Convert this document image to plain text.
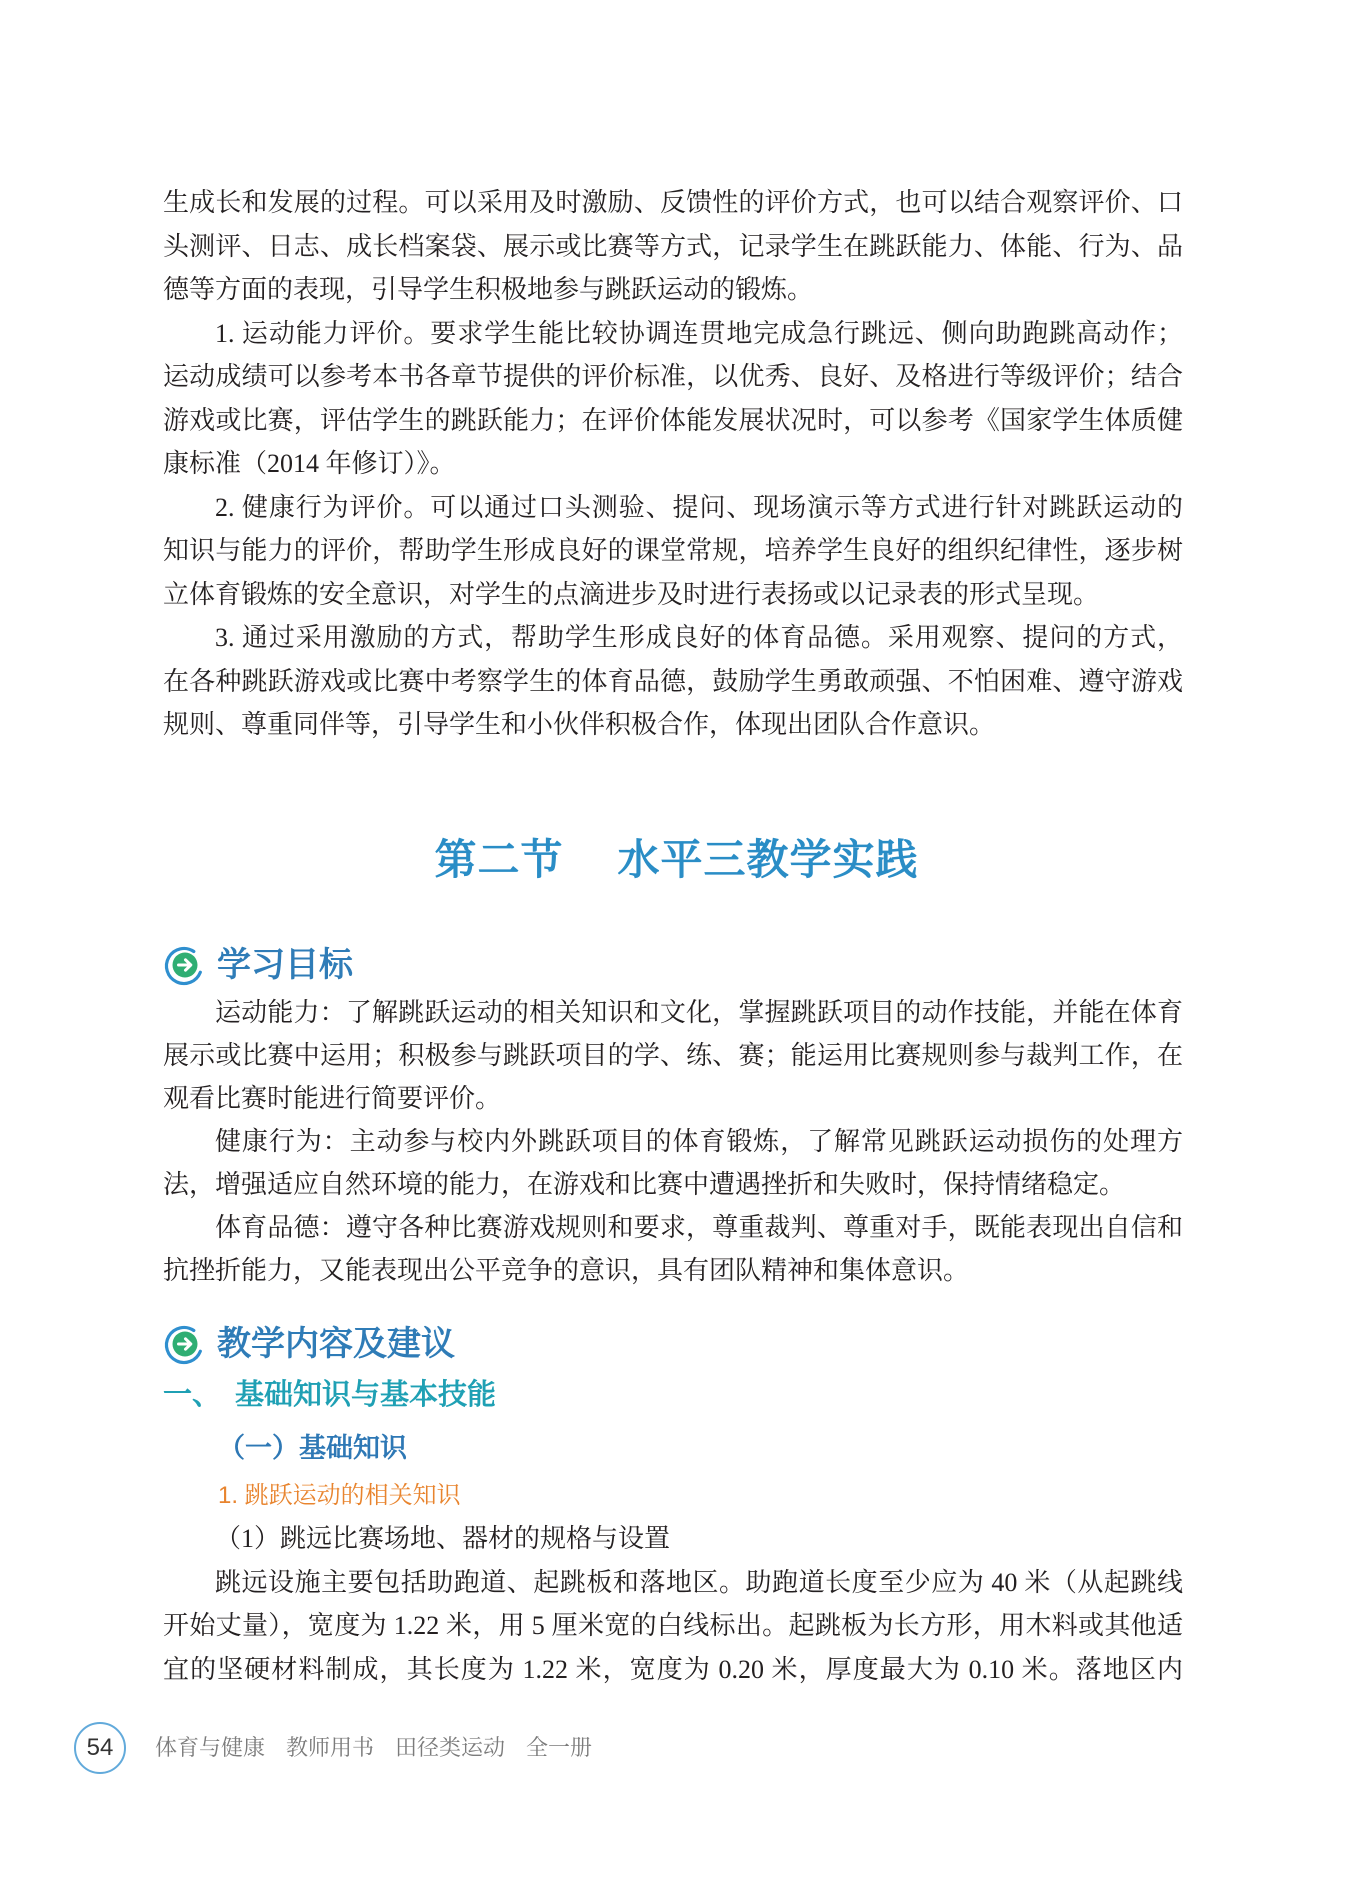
生成长和发展的过程。可以采用及时激励、反馈性的评价方式，也可以结合观察评价、口
头测评、日志、成长档案袋、展示或比赛等方式，记录学生在跳跃能力、体能、行为、品
德等方面的表现，引导学生积极地参与跳跃运动的锻炼。
1. 运动能力评价。要求学生能比较协调连贯地完成急行跳远、侧向助跑跳高动作；
运动成绩可以参考本书各章节提供的评价标准，以优秀、良好、及格进行等级评价；结合
游戏或比赛，评估学生的跳跃能力；在评价体能发展状况时，可以参考《国家学生体质健
康标准（2014 年修订）》。
2. 健康行为评价。可以通过口头测验、提问、现场演示等方式进行针对跳跃运动的
知识与能力的评价，帮助学生形成良好的课堂常规，培养学生良好的组织纪律性，逐步树
立体育锻炼的安全意识，对学生的点滴进步及时进行表扬或以记录表的形式呈现。
3. 通过采用激励的方式，帮助学生形成良好的体育品德。采用观察、提问的方式，
在各种跳跃游戏或比赛中考察学生的体育品德，鼓励学生勇敢顽强、不怕困难、遵守游戏
规则、尊重同伴等，引导学生和小伙伴积极合作，体现出团队合作意识。
第二节 水平三教学实践
学习目标
运动能力：了解跳跃运动的相关知识和文化，掌握跳跃项目的动作技能，并能在体育
展示或比赛中运用；积极参与跳跃项目的学、练、赛；能运用比赛规则参与裁判工作，在
观看比赛时能进行简要评价。
健康行为：主动参与校内外跳跃项目的体育锻炼，了解常见跳跃运动损伤的处理方
法，增强适应自然环境的能力，在游戏和比赛中遭遇挫折和失败时，保持情绪稳定。
体育品德：遵守各种比赛游戏规则和要求，尊重裁判、尊重对手，既能表现出自信和
抗挫折能力，又能表现出公平竞争的意识，具有团队精神和集体意识。
教学内容及建议
一、 基础知识与基本技能
（一）基础知识
1. 跳跃运动的相关知识
（1）跳远比赛场地、器材的规格与设置
跳远设施主要包括助跑道、起跳板和落地区。助跑道长度至少应为 40 米（从起跳线
开始丈量），宽度为 1.22 米，用 5 厘米宽的白线标出。起跳板为长方形，用木料或其他适
宜的坚硬材料制成，其长度为 1.22 米，宽度为 0.20 米，厚度最大为 0.10 米。落地区内
54	体育与健康 教师用书 田径类运动 全一册
